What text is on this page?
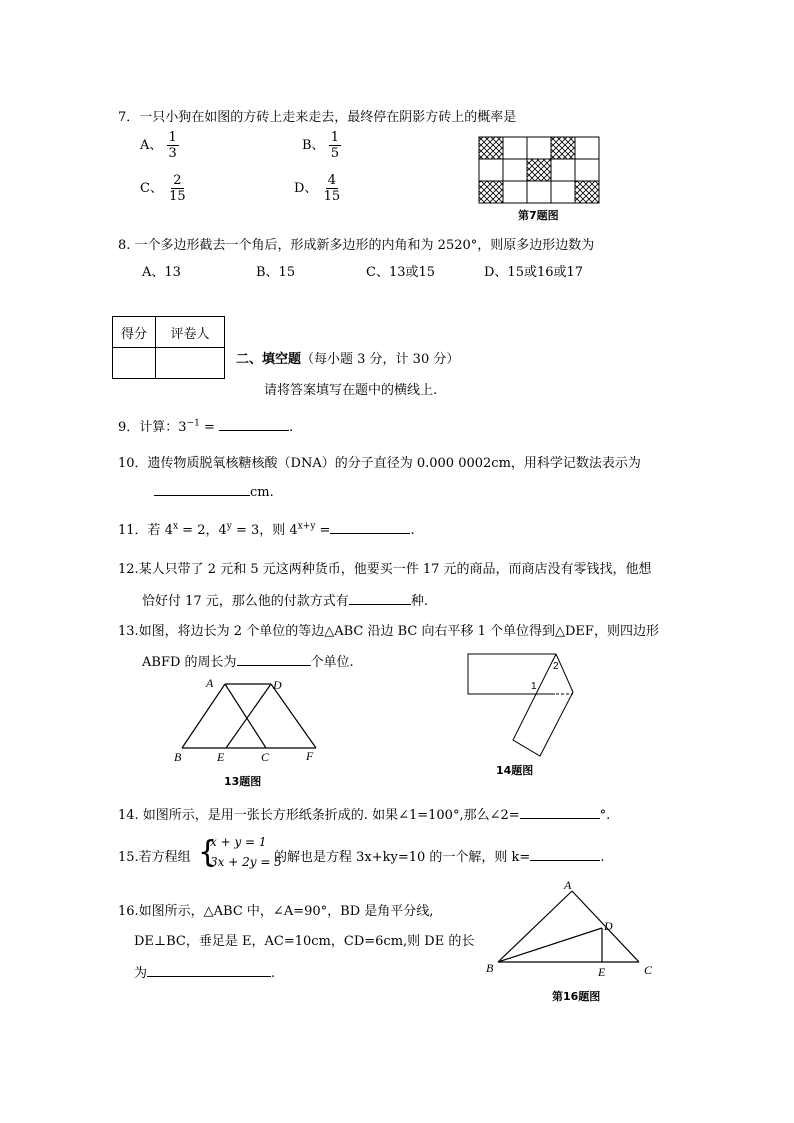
7．一只小狗在如图的方砖上走来走去，最终停在阴影方砖上的概率是
A、 $\frac{1}{3}$	B、 $\frac{1}{5}$
C、 $\frac{2}{15}$	D、 $\frac{4}{15}$
第7题图
8. 一个多边形截去一个角后，形成新多边形的内角和为 2520°，则原多边形边数为
A、13	B、15	C、13或15	D、15或16或17
得分	评卷人

二、填空题（每小题 3 分，计 30 分）
请将答案填写在题中的横线上.
9．计算：$3^{-1}$ =	.
10．遗传物质脱氧核糖核酸（DNA）的分子直径为 0.000 0002cm，用科学记数法表示为
cm.
11．若 $4^x = 2$，$4^y = 3$，则 $4^{x+y}$ =	.
12.某人只带了 2 元和 5 元这两种货币，他要买一件 17 元的商品，而商店没有零钱找，他想
恰好付 17 元，那么他的付款方式有	种.
13.如图，将边长为 2 个单位的等边△ABC 沿边 BC 向右平移 1 个单位得到△DEF，则四边形
ABFD 的周长为	个单位.
A	D
B	E	C	F
13题图
1
2
14题图
14. 如图所示，是用一张长方形纸条折成的. 如果∠1=100°,那么∠2=	°.
15.若方程组 {
x + y = 1
3x + 2y = 5
的解也是方程 3x+ky=10 的一个解，则 k=	.
16.如图所示，△ABC 中，∠A=90°，BD 是角平分线,
DE⊥BC，垂足是 E，AC=10cm，CD=6cm,则 DE 的长
为	.
A
B	C
D
E
第16题图
